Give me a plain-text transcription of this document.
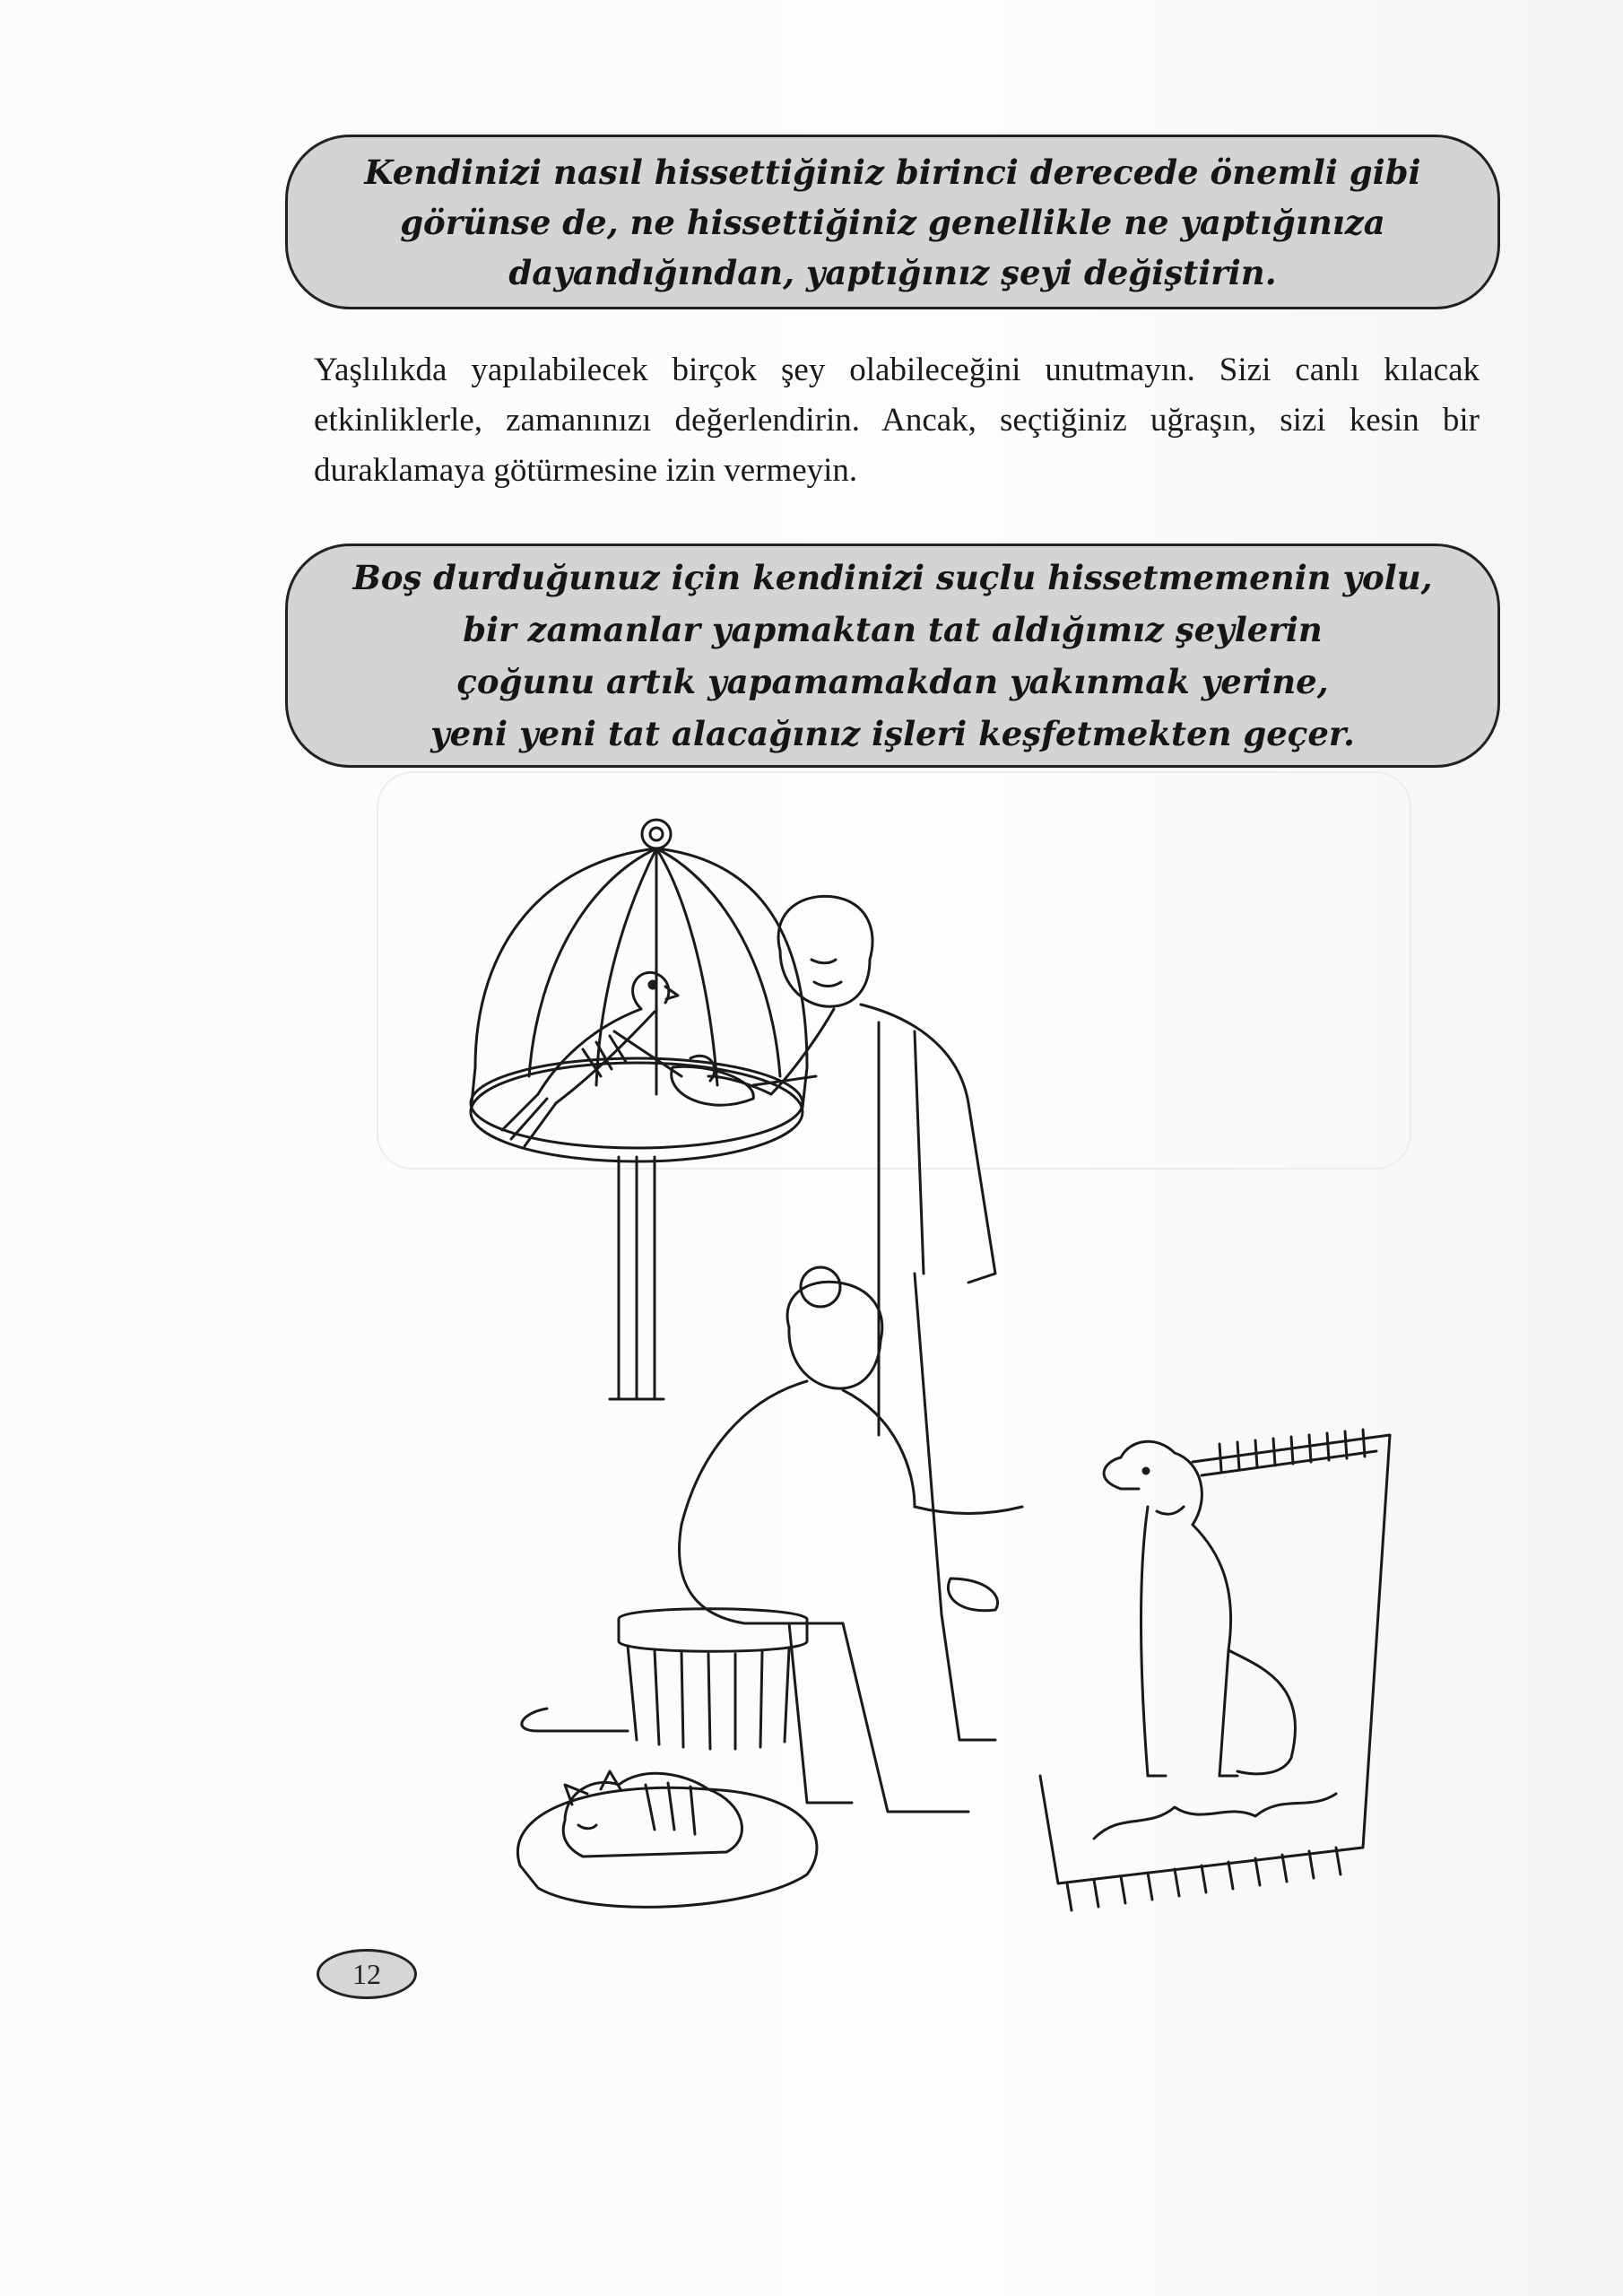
Kendinizi nasıl hissettiğiniz birinci derecede önemli gibi

görünse de, ne hissettiğiniz genellikle ne yaptığınıza

dayandığından, yaptığınız şeyi değiştirin.

Yaşlılıkda yapılabilecek birçok şey olabileceğini unutmayın. Sizi canlı kılacak etkinliklerle, zamanınızı değerlendirin. Ancak, seçtiğiniz uğraşın, sizi kesin bir duraklamaya götürmesine izin vermeyin.

Boş durduğunuz için kendinizi suçlu hissetmemenin yolu,

bir zamanlar yapmaktan tat aldığımız şeylerin

çoğunu artık yapamamakdan yakınmak yerine,

yeni yeni tat alacağınız işleri keşfetmekten geçer.

12
